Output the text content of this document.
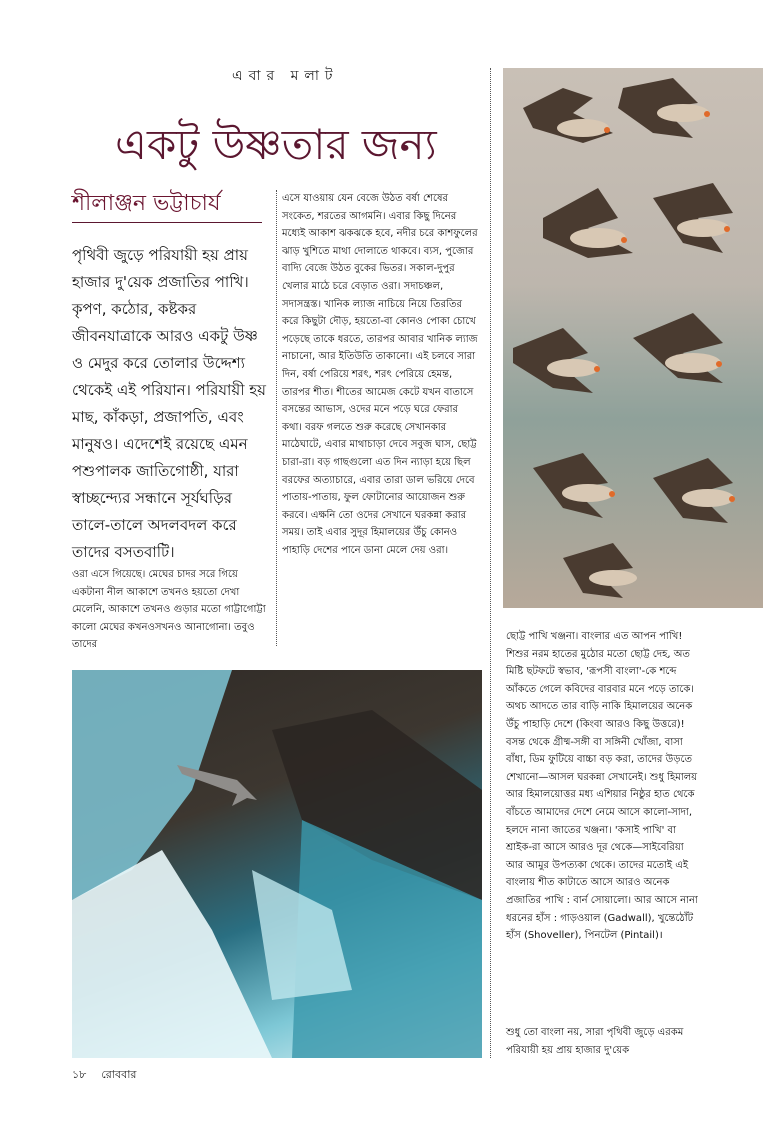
এবার মলাট
একটু উষ্ণতার জন্য
শীলাঞ্জন ভট্টাচার্য
পৃথিবী জুড়ে পরিযায়ী হয় প্রায় হাজার দু'য়েক প্রজাতির পাখি। কৃপণ, কঠোর, কষ্টকর জীবনযাত্রাকে আরও একটু উষ্ণ ও মেদুর করে তোলার উদ্দেশ্য থেকেই এই পরিযান। পরিযায়ী হয় মাছ, কাঁকড়া, প্রজাপতি, এবং মানুষও। এদেশেই রয়েছে এমন পশুপালক জাতিগোষ্ঠী, যারা স্বাচ্ছন্দ্যের সন্ধানে সূর্যঘড়ির তালে-তালে অদলবদল করে তাদের বসতবাটি।
ওরা এসে গিয়েছে। মেঘের চাদর সরে গিয়ে একটানা নীল আকাশে তখনও হয়তো দেখা মেলেনি, আকাশে তখনও গুড়ার মতো গাট্টাগোট্টা কালো মেঘের কখনওসখনও আনাগোনা। তবুও তাদের
এসে যাওয়ায় যেন বেজে উঠত বর্ষা শেষের সংকেত, শরতের আগমনি। এবার কিছু দিনের মধ্যেই আকাশ ঝকঝকে হবে, নদীর চরে কাশফুলের ঝাড় খুশিতে মাথা দোলাতে থাকবে। ব্যস, পুজোর বাদ্যি বেজে উঠত বুকের ভিতর। সকাল-দুপুর খেলার মাঠে চরে বেড়াত ওরা। সদাচঞ্চল, সদাসন্ত্রস্ত। খানিক ল্যাজ নাচিয়ে নিয়ে তিরতির করে কিছুটা দৌড়, হয়তো-বা কোনও পোকা চোখে পড়েছে তাকে ধরতে, তারপর আবার খানিক ল্যাজ নাচানো, আর ইতিউতি তাকানো। এই চলবে সারা দিন, বর্ষা পেরিয়ে শরৎ, শরৎ পেরিয়ে হেমন্ত, তারপর শীত। শীতের আমেজ কেটে যখন বাতাসে বসন্তের আভাস, ওদের মনে পড়ে ঘরে ফেরার কথা। বরফ গলতে শুরু করেছে সেখানকার মাঠেঘাটে, এবার মাথাচাড়া দেবে সবুজ ঘাস, ছোট্ট চারা-রা। বড় গাছগুলো এত দিন ন্যাড়া হয়ে ছিল বরফের অত্যাচারে, এবার তারা ডাল ভরিয়ে দেবে পাতায়-পাতায়, ফুল ফোটানোর আয়োজন শুরু করবে। এক্ষনি তো ওদের সেখানে ঘরকন্না করার সময়। তাই এবার সুদূর হিমালয়ের উঁচু কোনও পাহাড়ি দেশের পানে ডানা মেলে দেয় ওরা।
ছোট্ট পাখি খঞ্জনা। বাংলার এত আপন পাখি! শিশুর নরম হাতের মুঠোর মতো ছোট্ট দেহ, অত মিষ্টি ছটফটে স্বভাব, 'রূপসী বাংলা'-কে শব্দে আঁকতে গেলে কবিদের বারবার মনে পড়ে তাকে। অথচ আদতে তার বাড়ি নাকি হিমালয়ের অনেক উঁচু পাহাড়ি দেশে (কিংবা আরও কিছু উত্তরে)! বসন্ত থেকে গ্রীষ্ম-সঙ্গী বা সঙ্গিনী খোঁজা, বাসা বাঁধা, ডিম ফুটিয়ে বাচ্চা বড় করা, তাদের উড়তে শেখানো—আসল ঘরকন্না সেখানেই। শুধু হিমালয় আর হিমালয়োত্তর মধ্য এশিয়ার নিষ্ঠুর হাত থেকে বাঁচতে আমাদের দেশে নেমে আসে কালো-সাদা, হলদে নানা জাতের খঞ্জনা। 'কসাই পাখি' বা শ্রাইক-রা আসে আরও দূর থেকে—সাইবেরিয়া আর আমুর উপত্যকা থেকে। তাদের মতোই এই বাংলায় শীত কাটাতে আসে আরও অনেক প্রজাতির পাখি : বার্ন সোয়ালো। আর আসে নানা ধরনের হাঁস : গাড়ওয়াল (Gadwall), খুন্তেঠোঁট হাঁস (Shoveller), পিনটেল (Pintail)।
শুধু তো বাংলা নয়, সারা পৃথিবী জুড়ে এরকম পরিযায়ী হয় প্রায় হাজার দু'য়েক
১৮ রোববার
